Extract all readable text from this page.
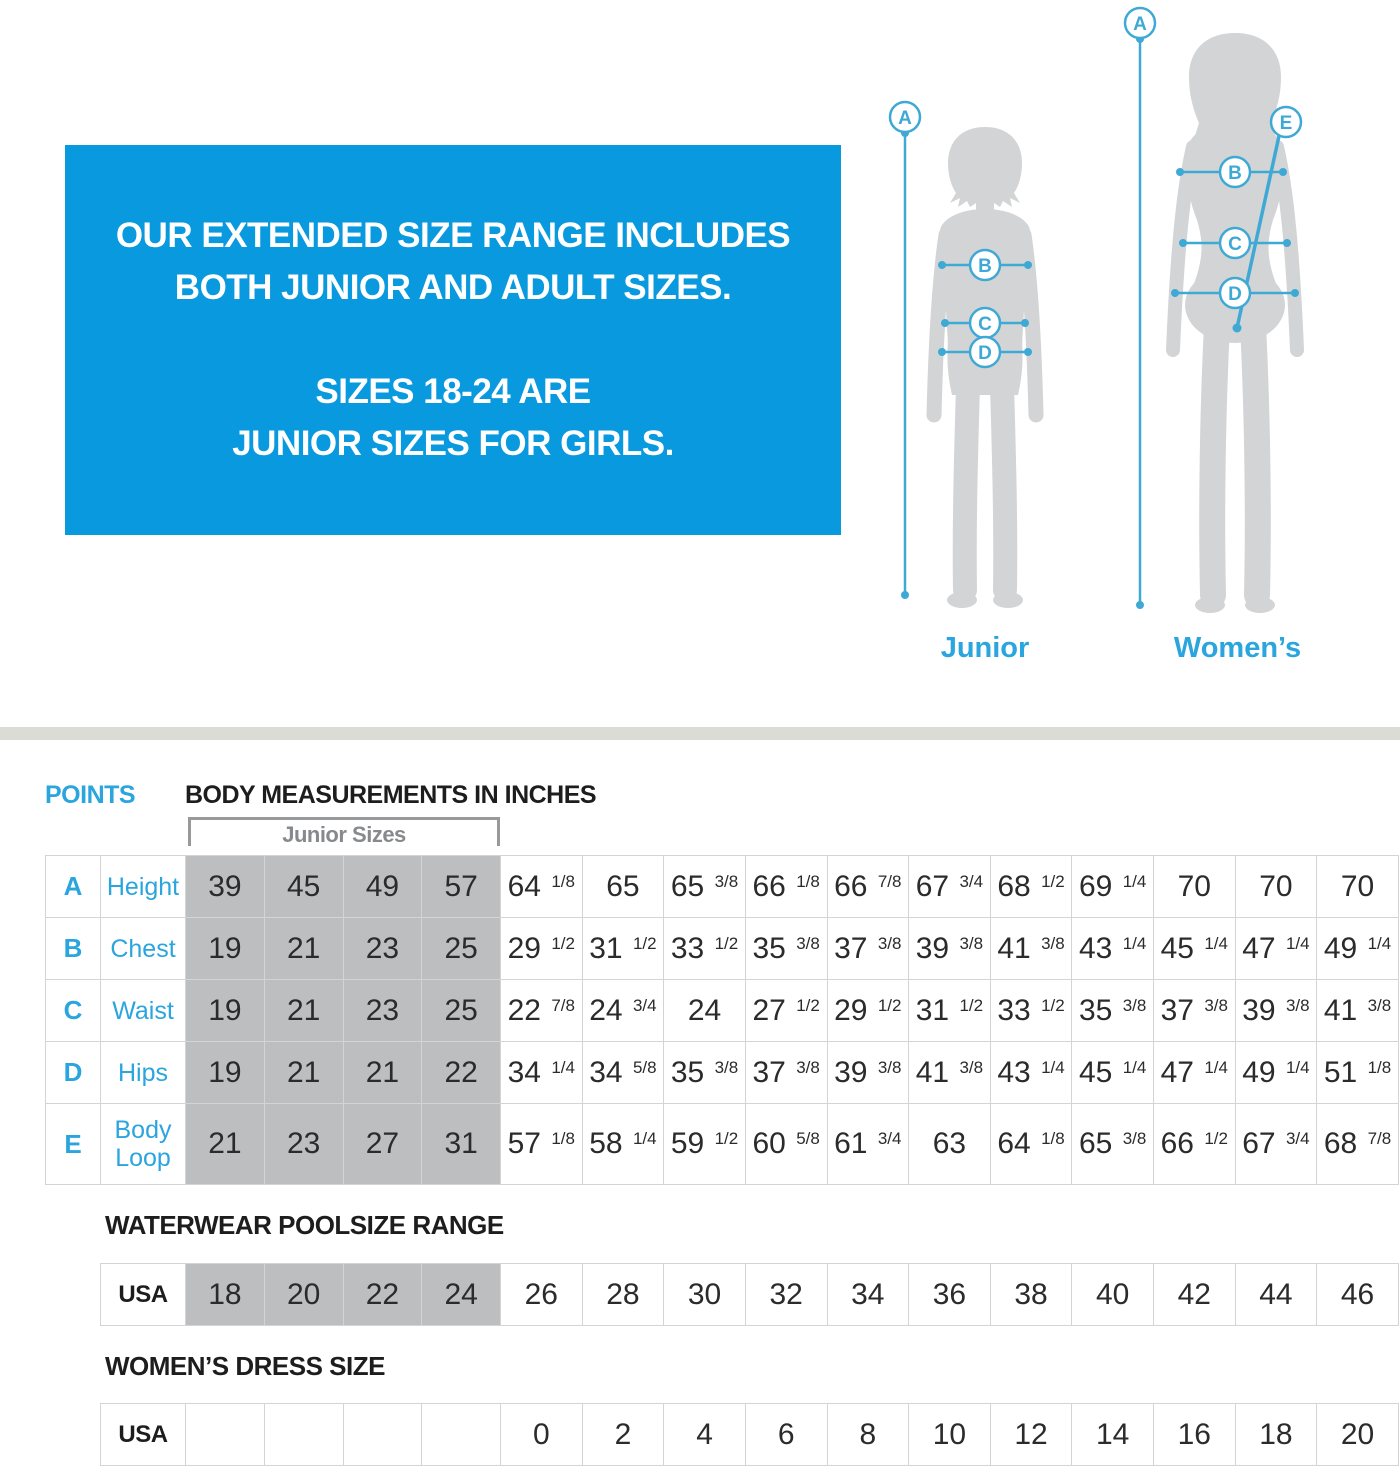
OUR EXTENDED SIZE RANGE INCLUDES
BOTH JUNIOR AND ADULT SIZES.

SIZES 18-24 ARE
JUNIOR SIZES FOR GIRLS.

A
B
C
D
Junior
A
E
B
C
D
Women’s
POINTS BODY MEASUREMENTS IN INCHES
Junior Sizes
A	Height	39	45	49	57	64 $^{1/8}$	65	65 $^{3/8}$	66 $^{1/8}$	66 $^{7/8}$	67 $^{3/4}$	68 $^{1/2}$	69 $^{1/4}$	70	70	70
B	Chest	19	21	23	25	29 $^{1/2}$	31 $^{1/2}$	33 $^{1/2}$	35 $^{3/8}$	37 $^{3/8}$	39 $^{3/8}$	41 $^{3/8}$	43 $^{1/4}$	45 $^{1/4}$	47 $^{1/4}$	49 $^{1/4}$
C	Waist	19	21	23	25	22 $^{7/8}$	24 $^{3/4}$	24	27 $^{1/2}$	29 $^{1/2}$	31 $^{1/2}$	33 $^{1/2}$	35 $^{3/8}$	37 $^{3/8}$	39 $^{3/8}$	41 $^{3/8}$
D	Hips	19	21	21	22	34 $^{1/4}$	34 $^{5/8}$	35 $^{3/8}$	37 $^{3/8}$	39 $^{3/8}$	41 $^{3/8}$	43 $^{1/4}$	45 $^{1/4}$	47 $^{1/4}$	49 $^{1/4}$	51 $^{1/8}$
E	Body Loop	21	23	27	31	57 $^{1/8}$	58 $^{1/4}$	59 $^{1/2}$	60 $^{5/8}$	61 $^{3/4}$	63	64 $^{1/8}$	65 $^{3/8}$	66 $^{1/2}$	67 $^{3/4}$	68 $^{7/8}$
WATERWEAR POOLSIZE RANGE
USA	18	20	22	24	26	28	30	32	34	36	38	40	42	44	46
WOMEN’S DRESS SIZE
USA					0	2	4	6	8	10	12	14	16	18	20
